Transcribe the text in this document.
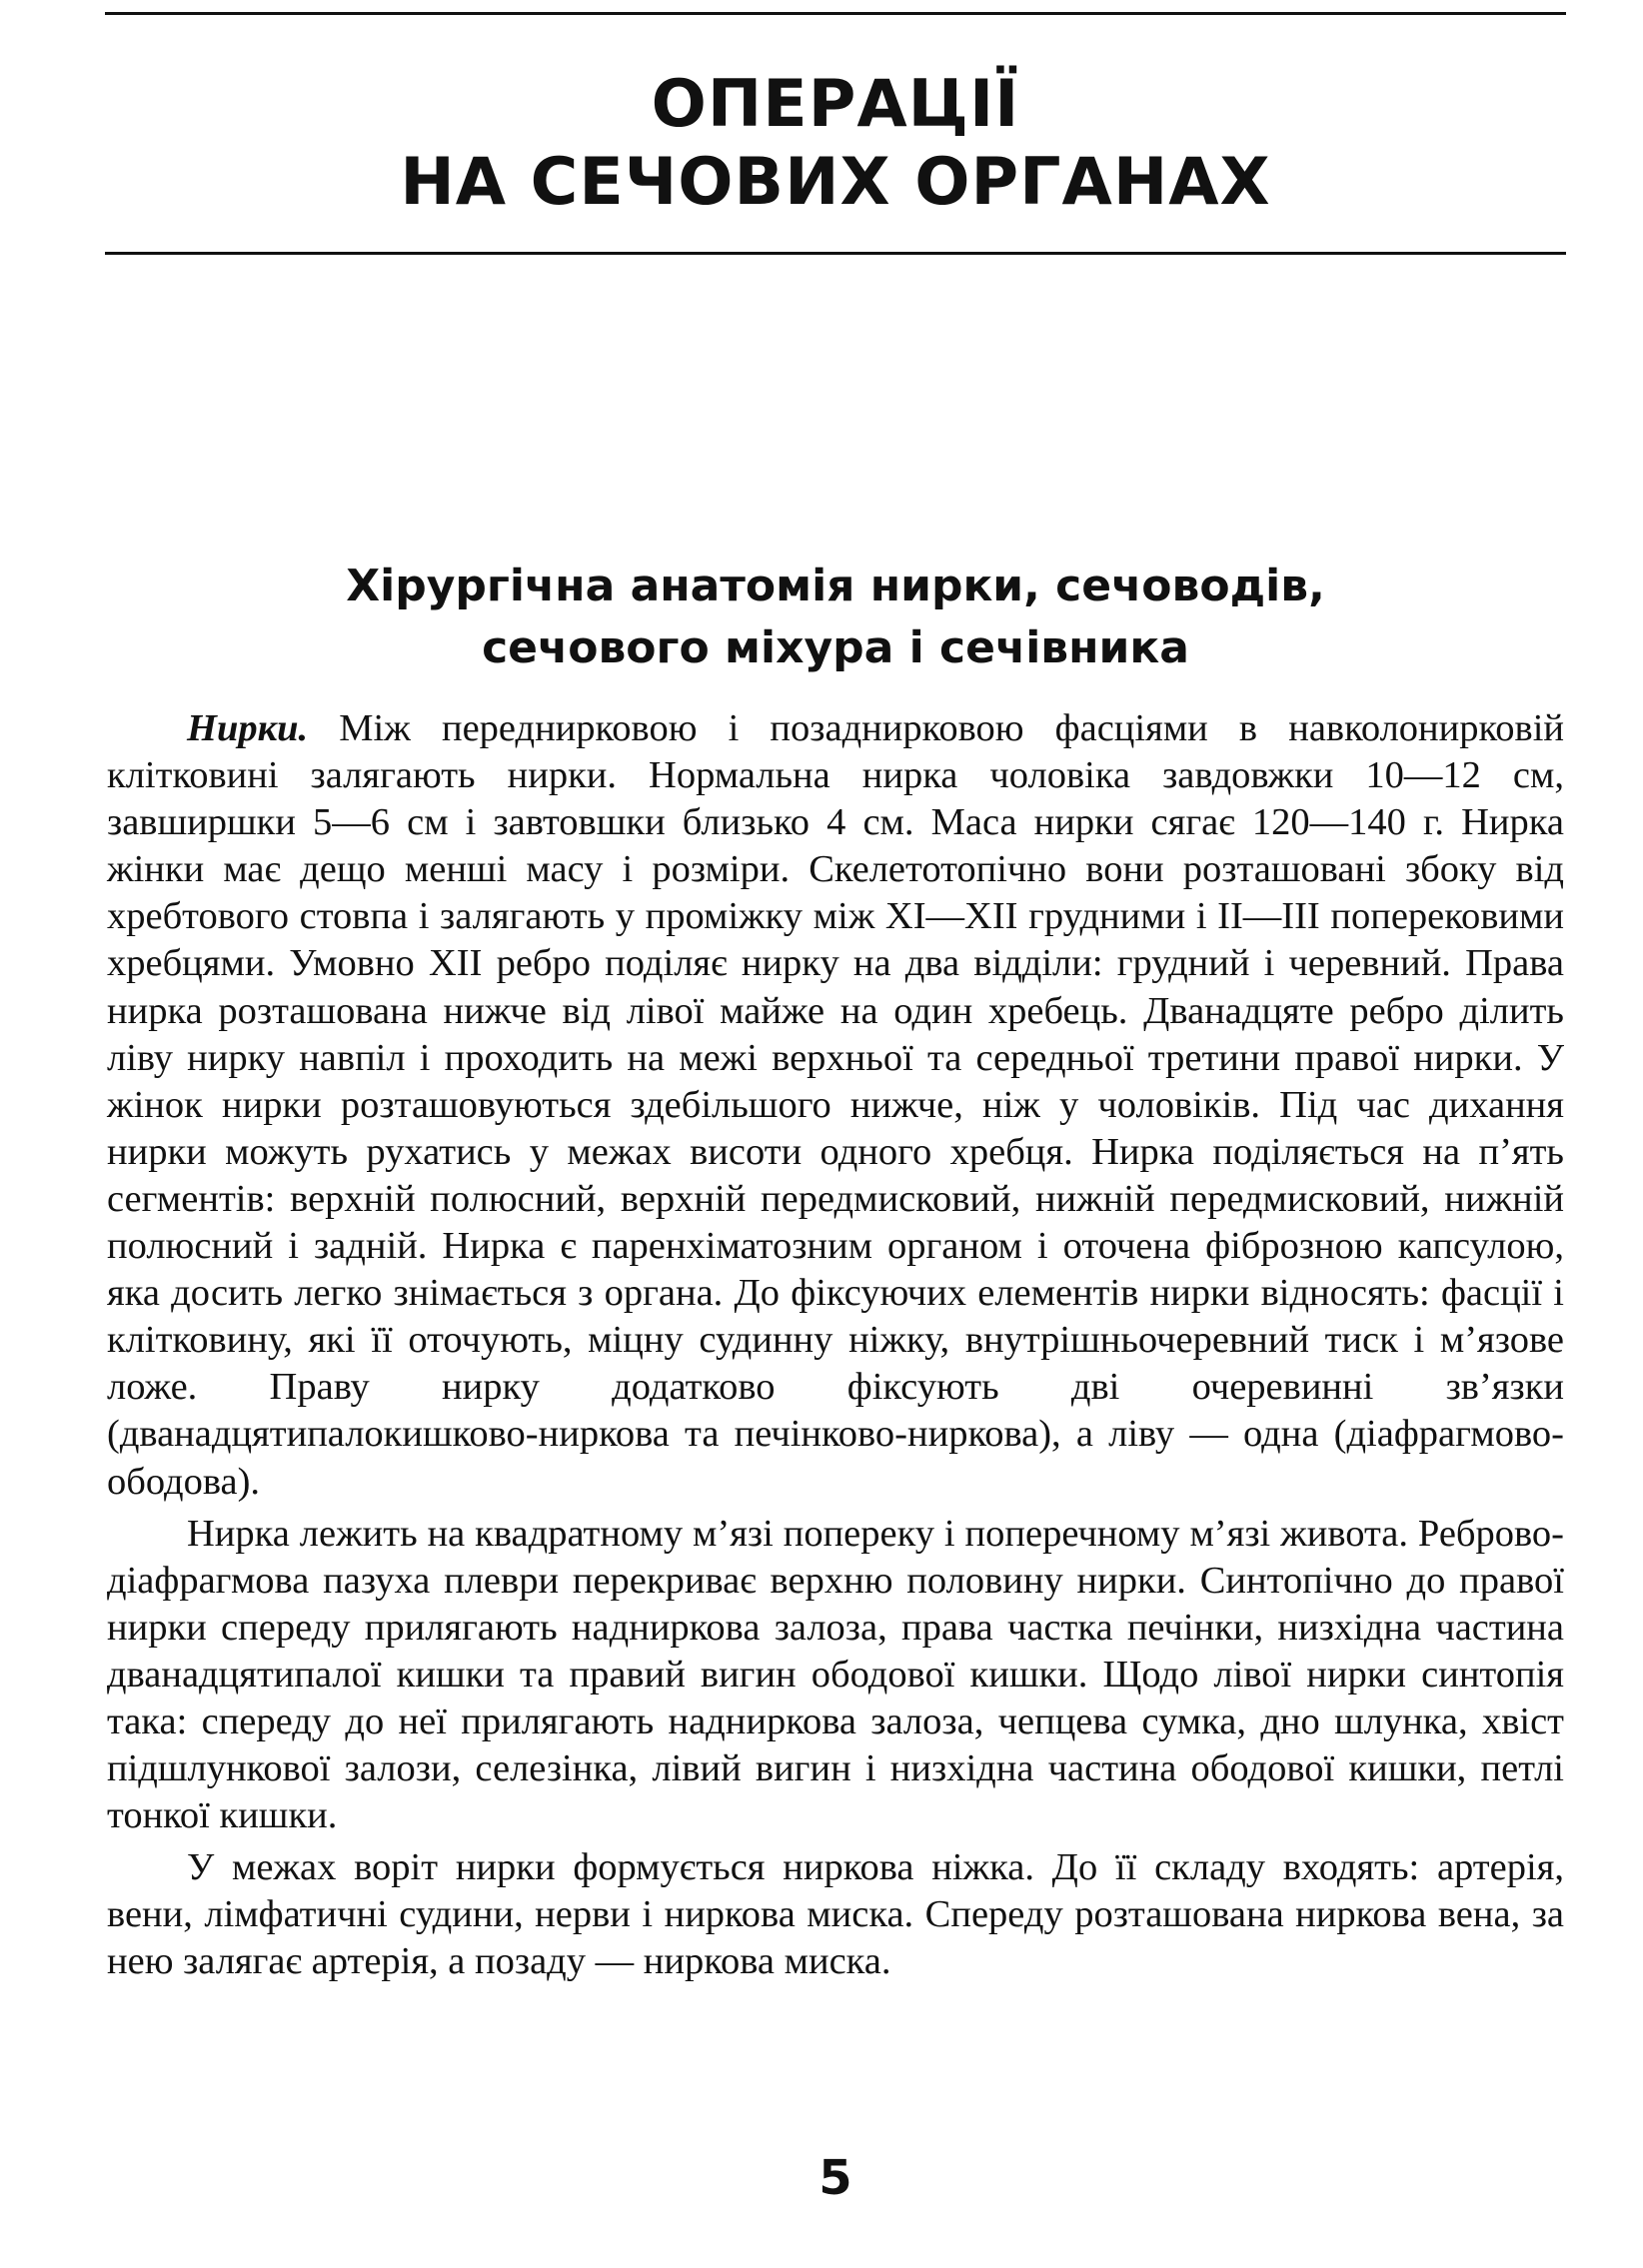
ОПЕРАЦІЇ
НА СЕЧОВИХ ОРГАНАХ
Хірургічна анатомія нирки, сечоводів,
сечового міхура і сечівника

Нирки. Між переднирковою і позаднирковою фасціями в навколонирковій клітковині залягають нирки. Нормальна нирка чоловіка завдовжки 10—12 см, завширшки 5—6 см і завтовшки близько 4 см. Маса нирки сягає 120—140 г. Нирка жінки має дещо менші масу і розміри. Скелетотопічно вони розташовані збоку від хребтового стовпа і залягають у проміжку між XI—XII грудними і II—III поперековими хребцями. Умовно XII ребро поділяє нирку на два відділи: грудний і черевний. Права нирка розташована нижче від лівої майже на один хребець. Дванадцяте ребро ділить ліву нирку навпіл і проходить на межі верхньої та середньої третини правої нирки. У жінок нирки розташовуються здебільшого нижче, ніж у чоловіків. Під час дихання нирки можуть рухатись у межах висоти одного хребця. Нирка поділяється на п’ять сегментів: верхній полюсний, верхній передмисковий, нижній передмисковий, нижній полюсний і задній. Нирка є паренхіматозним органом і оточена фіброзною капсулою, яка досить легко знімається з органа. До фіксуючих елементів нирки відносять: фасції і клітковину, які її оточують, міцну судинну ніжку, внутрішньочеревний тиск і м’язове ложе. Праву нирку додатково фіксують дві очеревинні зв’язки (дванадцятипалокишково-ниркова та печінково-ниркова), а ліву — одна (діафрагмово-ободова).

Нирка лежить на квадратному м’язі попереку і поперечному м’язі живота. Реброво-діафрагмова пазуха плеври перекриває верхню половину нирки. Синтопічно до правої нирки спереду прилягають надниркова залоза, права частка печінки, низхідна частина дванадцятипалої кишки та правий вигин ободової кишки. Щодо лівої нирки синтопія така: спереду до неї прилягають надниркова залоза, чепцева сумка, дно шлунка, хвіст підшлункової залози, селезінка, лівий вигин і низхідна частина ободової кишки, петлі тонкої кишки.

У межах воріт нирки формується ниркова ніжка. До її складу входять: артерія, вени, лімфатичні судини, нерви і ниркова миска. Спереду розташована ниркова вена, за нею залягає артерія, а позаду — ниркова миска.

5
